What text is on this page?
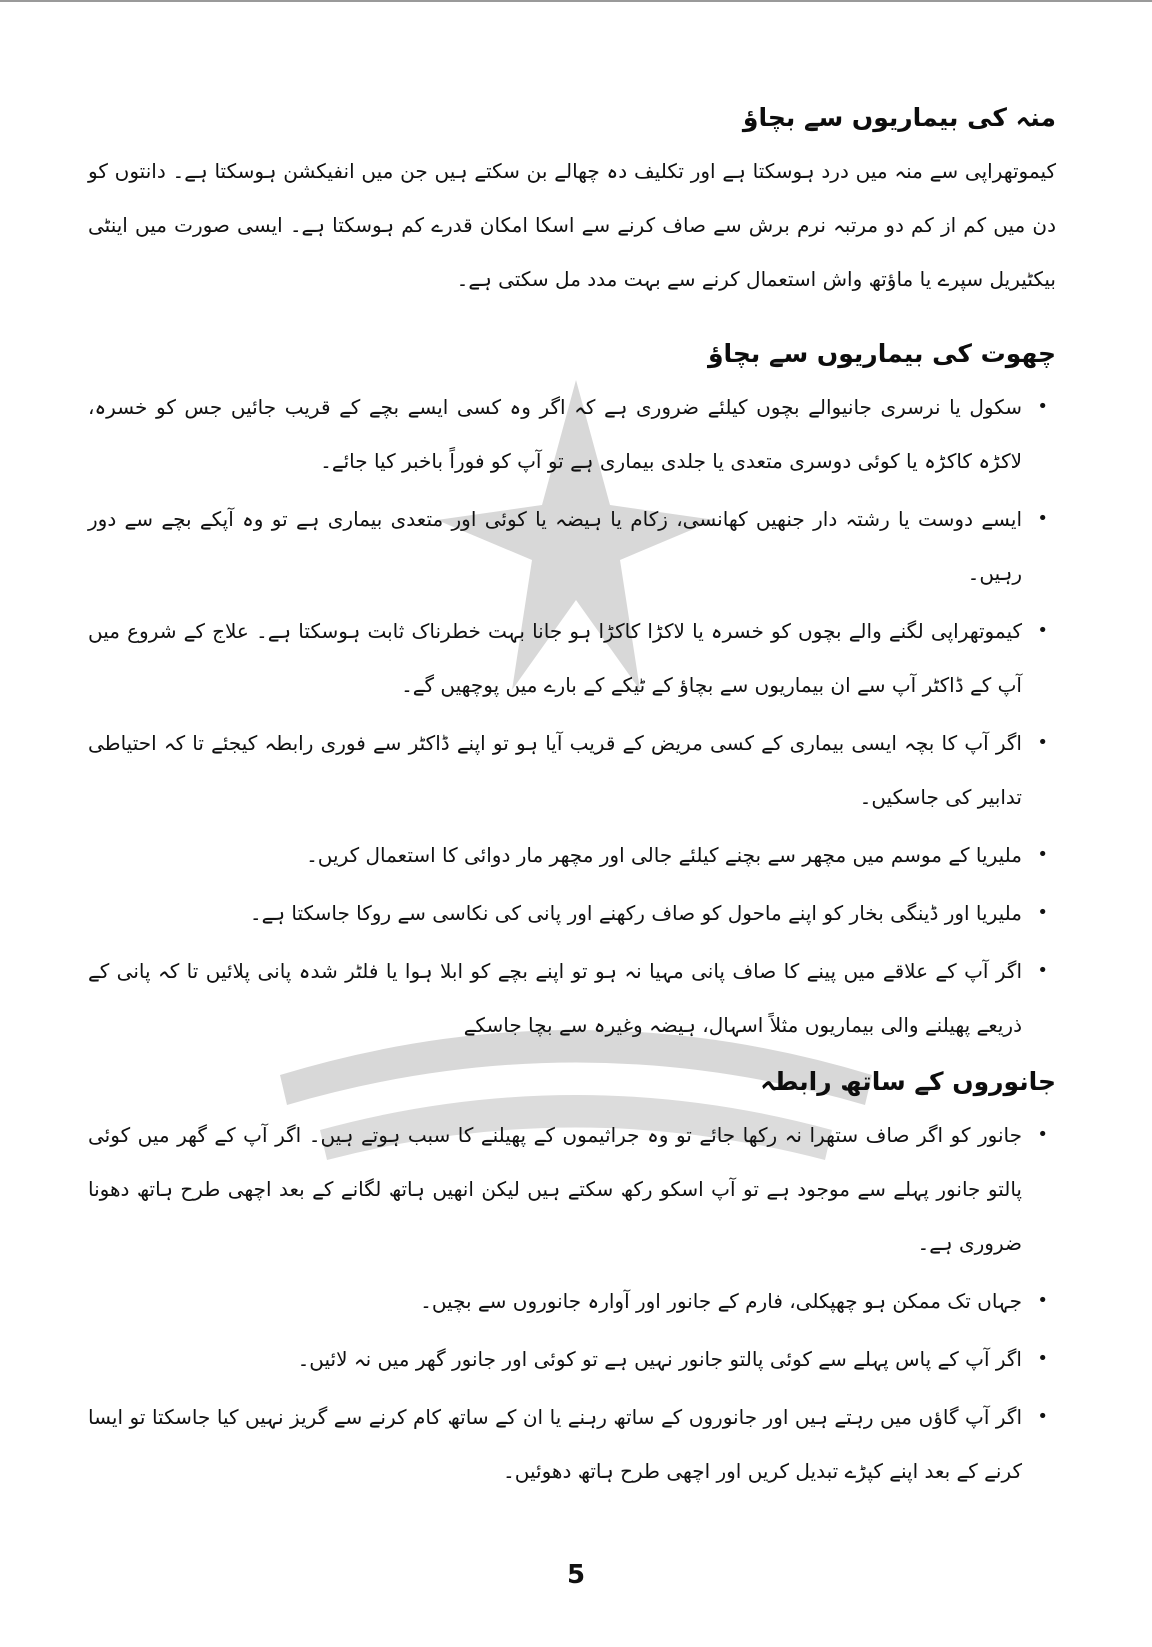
منہ کی بیماریوں سے بچاؤ

کیموتھراپی سے منہ میں درد ہوسکتا ہے اور تکلیف دہ چھالے بن سکتے ہیں جن میں انفیکشن ہوسکتا ہے۔ دانتوں کو دن میں کم از کم دو مرتبہ نرم برش سے صاف کرنے سے اسکا امکان قدرے کم ہوسکتا ہے۔ ایسی صورت میں اینٹی بیکٹیریل سپرے یا ماؤتھ واش استعمال کرنے سے بہت مدد مل سکتی ہے۔

چھوت کی بیماریوں سے بچاؤ
•
سکول یا نرسری جانیوالے بچوں کیلئے ضروری ہے کہ اگر وہ کسی ایسے بچے کے قریب جائیں جس کو خسرہ، لاکڑہ کاکڑہ یا کوئی دوسری متعدی یا جلدی بیماری ہے تو آپ کو فوراً باخبر کیا جائے۔
•
ایسے دوست یا رشتہ دار جنھیں کھانسی، زکام یا ہیضہ یا کوئی اور متعدی بیماری ہے تو وہ آپکے بچے سے دور رہیں۔
•
کیموتھراپی لگنے والے بچوں کو خسرہ یا لاکڑا کاکڑا ہو جانا بہت خطرناک ثابت ہوسکتا ہے۔ علاج کے شروع میں آپ کے ڈاکٹر آپ سے ان بیماریوں سے بچاؤ کے ٹیکے کے بارے میں پوچھیں گے۔
•
اگر آپ کا بچہ ایسی بیماری کے کسی مریض کے قریب آیا ہو تو اپنے ڈاکٹر سے فوری رابطہ کیجئے تا کہ احتیاطی تدابیر کی جاسکیں۔
•
ملیریا کے موسم میں مچھر سے بچنے کیلئے جالی اور مچھر مار دوائی کا استعمال کریں۔
•
ملیریا اور ڈینگی بخار کو اپنے ماحول کو صاف رکھنے اور پانی کی نکاسی سے روکا جاسکتا ہے۔
•
اگر آپ کے علاقے میں پینے کا صاف پانی مہیا نہ ہو تو اپنے بچے کو ابلا ہوا یا فلٹر شدہ پانی پلائیں تا کہ پانی کے ذریعے پھیلنے والی بیماریوں مثلاً اسہال، ہیضہ وغیرہ سے بچا جاسکے
جانوروں کے ساتھ رابطہ
•
جانور کو اگر صاف ستھرا نہ رکھا جائے تو وہ جراثیموں کے پھیلنے کا سبب ہوتے ہیں۔ اگر آپ کے گھر میں کوئی پالتو جانور پہلے سے موجود ہے تو آپ اسکو رکھ سکتے ہیں لیکن انھیں ہاتھ لگانے کے بعد اچھی طرح ہاتھ دھونا ضروری ہے۔
•
جہاں تک ممکن ہو چھپکلی، فارم کے جانور اور آوارہ جانوروں سے بچیں۔
•
اگر آپ کے پاس پہلے سے کوئی پالتو جانور نہیں ہے تو کوئی اور جانور گھر میں نہ لائیں۔
•
اگر آپ گاؤں میں رہتے ہیں اور جانوروں کے ساتھ رہنے یا ان کے ساتھ کام کرنے سے گریز نہیں کیا جاسکتا تو ایسا کرنے کے بعد اپنے کپڑے تبدیل کریں اور اچھی طرح ہاتھ دھوئیں۔
5
